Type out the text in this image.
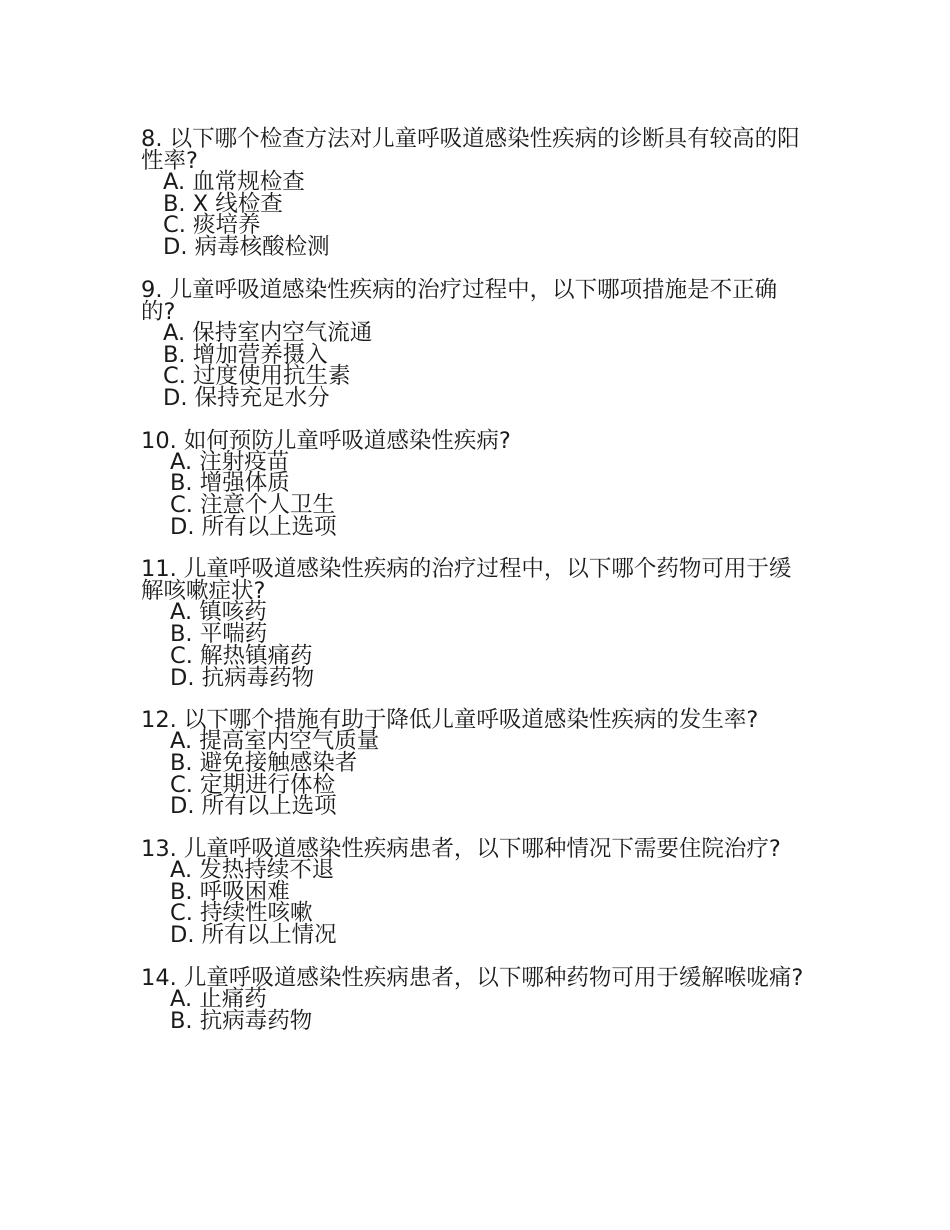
8. 以下哪个检查方法对儿童呼吸道感染性疾病的诊断具有较高的阳性率?

A. 血常规检查

B. X 线检查

C. 痰培养

D. 病毒核酸检测

9. 儿童呼吸道感染性疾病的治疗过程中，以下哪项措施是不正确的?

A. 保持室内空气流通

B. 增加营养摄入

C. 过度使用抗生素

D. 保持充足水分

10. 如何预防儿童呼吸道感染性疾病?

A. 注射疫苗

B. 增强体质

C. 注意个人卫生

D. 所有以上选项

11. 儿童呼吸道感染性疾病的治疗过程中，以下哪个药物可用于缓解咳嗽症状?

A. 镇咳药

B. 平喘药

C. 解热镇痛药

D. 抗病毒药物

12. 以下哪个措施有助于降低儿童呼吸道感染性疾病的发生率?

A. 提高室内空气质量

B. 避免接触感染者

C. 定期进行体检

D. 所有以上选项

13. 儿童呼吸道感染性疾病患者，以下哪种情况下需要住院治疗?

A. 发热持续不退

B. 呼吸困难

C. 持续性咳嗽

D. 所有以上情况

14. 儿童呼吸道感染性疾病患者，以下哪种药物可用于缓解喉咙痛?

A. 止痛药

B. 抗病毒药物
